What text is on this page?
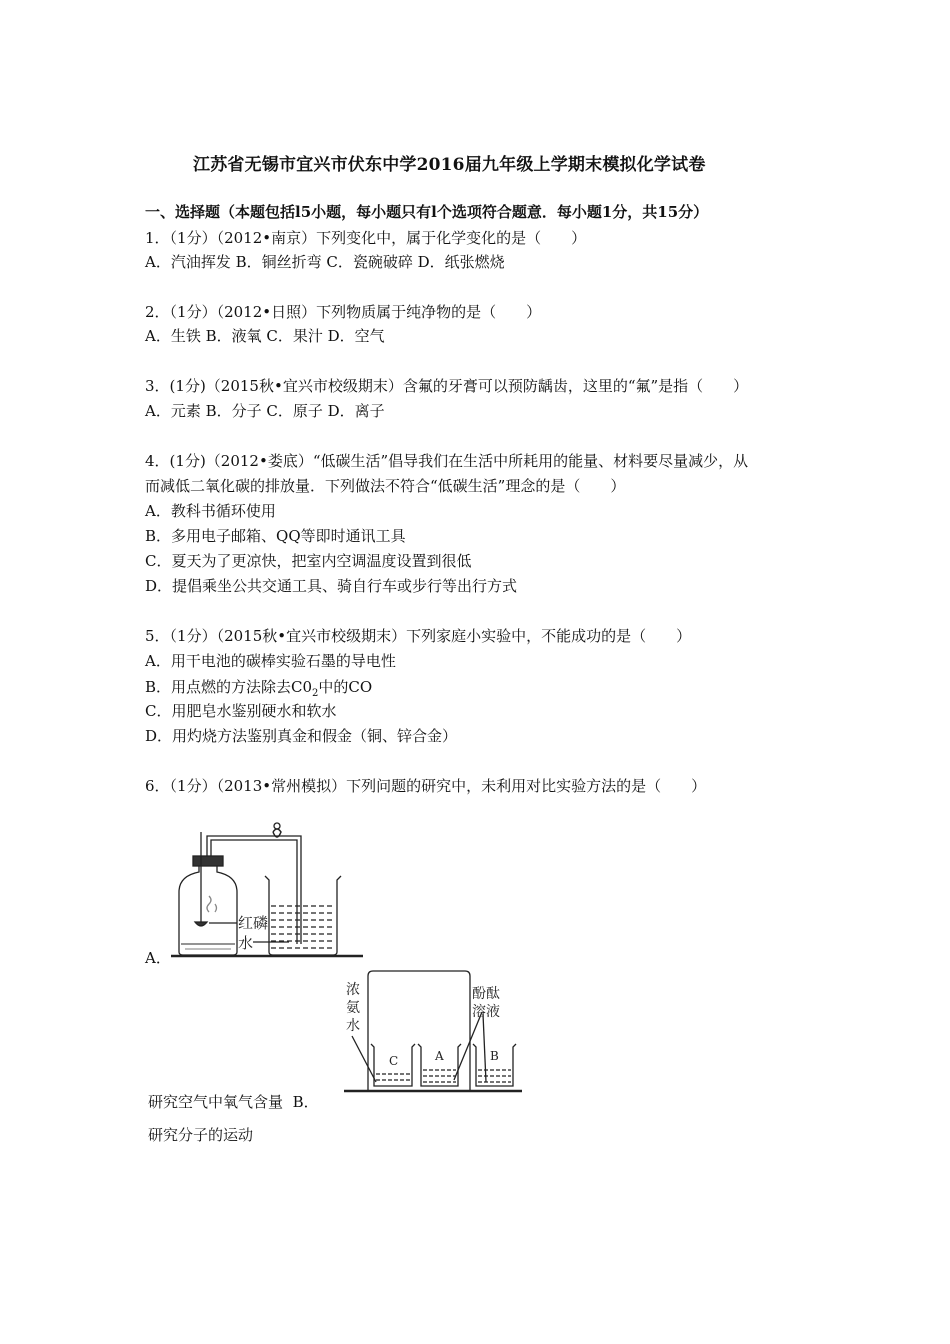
江苏省无锡市宜兴市伏东中学2016届九年级上学期末模拟化学试卷
一、选择题（本题包括l5小题，每小题只有l个选项符合题意．每小题1分，共15分）
1．（1分）（2012•南京）下列变化中，属于化学变化的是（　　）
A．汽油挥发 B．铜丝折弯 C．瓷碗破碎 D．纸张燃烧
2．（1分）（2012•日照）下列物质属于纯净物的是（　　）
A．生铁 B．液氧 C．果汁 D．空气
3．(1分)（2015秋•宜兴市校级期末）含氟的牙膏可以预防龋齿，这里的“氟”是指（　　）
A．元素 B．分子 C．原子 D．离子
4．(1分)（2012•娄底）“低碳生活”倡导我们在生活中所耗用的能量、材料要尽量减少，从
而减低二氧化碳的排放量．下列做法不符合“低碳生活”理念的是（　　）
A．教科书循环使用
B．多用电子邮箱、QQ等即时通讯工具
C．夏天为了更凉快，把室内空调温度设置到很低
D．提倡乘坐公共交通工具、骑自行车或步行等出行方式
5．（1分）（2015秋•宜兴市校级期末）下列家庭小实验中，不能成功的是（　　）
A．用干电池的碳棒实验石墨的导电性
B．用点燃的方法除去$C0_2$中的CO
C．用肥皂水鉴别硬水和软水
D．用灼烧方法鉴别真金和假金（铜、锌合金）
6．（1分）（2013•常州模拟）下列问题的研究中，未利用对比实验方法的是（　　）
红磷
水
A．
浓
氨
水
酚酞
溶液
C	A	B
研究空气中氧气含量 B．
研究分子的运动
